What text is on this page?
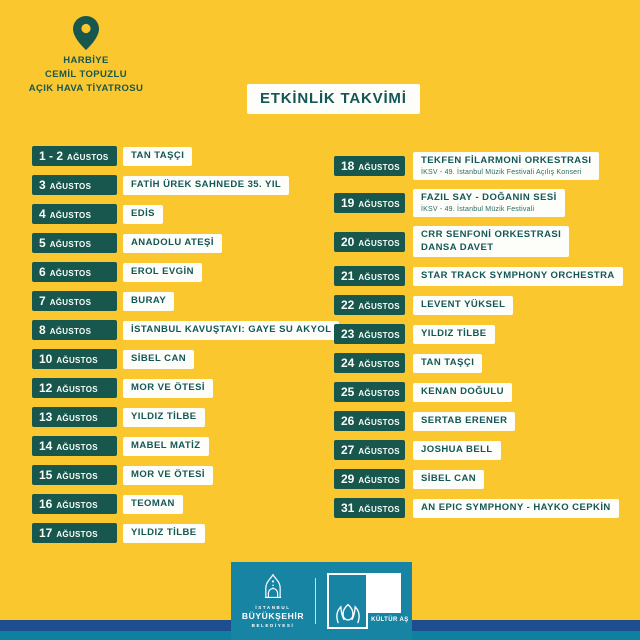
HARBİYE
CEMİL TOPUZLU
AÇIK HAVA TİYATROSU
ETKİNLİK TAKVİMİ
1 - 2 AĞUSTOS TAN TAŞÇI
3 AĞUSTOS	FATİH ÜREK SAHNEDE 35. YIL
4 AĞUSTOS	EDİS
5 AĞUSTOS	ANADOLU ATEŞİ
6 AĞUSTOS	EROL EVGİN
7 AĞUSTOS	BURAY
8 AĞUSTOS	İSTANBUL KAVUŞTAYI: GAYE SU AKYOL
10 AĞUSTOS	SİBEL CAN
12 AĞUSTOS	MOR VE ÖTESİ
13 AĞUSTOS	YILDIZ TİLBE
14 AĞUSTOS	MABEL MATİZ
15 AĞUSTOS	MOR VE ÖTESİ
16 AĞUSTOS	TEOMAN
17 AĞUSTOS	YILDIZ TİLBE
18 AĞUSTOS
TEKFEN FİLARMONİ ORKESTRASI
İKSV - 49. İstanbul Müzik Festivali Açılış Konseri
19 AĞUSTOS
FAZIL SAY - DOĞANIN SESİ
İKSV - 49. İstanbul Müzik Festivali
20 AĞUSTOS
CRR SENFONİ ORKESTRASI
DANSA DAVET
21 AĞUSTOS STAR TRACK SYMPHONY ORCHESTRA
22 AĞUSTOS LEVENT YÜKSEL
23 AĞUSTOS YILDIZ TİLBE
24 AĞUSTOS TAN TAŞÇI
25 AĞUSTOS KENAN DOĞULU
26 AĞUSTOS SERTAB ERENER
27 AĞUSTOS JOSHUA BELL
29 AĞUSTOS SİBEL CAN
31 AĞUSTOS AN EPIC SYMPHONY - HAYKO CEPKİN
İSTANBUL
BÜYÜKŞEHİR
BELEDİYESİ
KÜLTÜR AŞ
